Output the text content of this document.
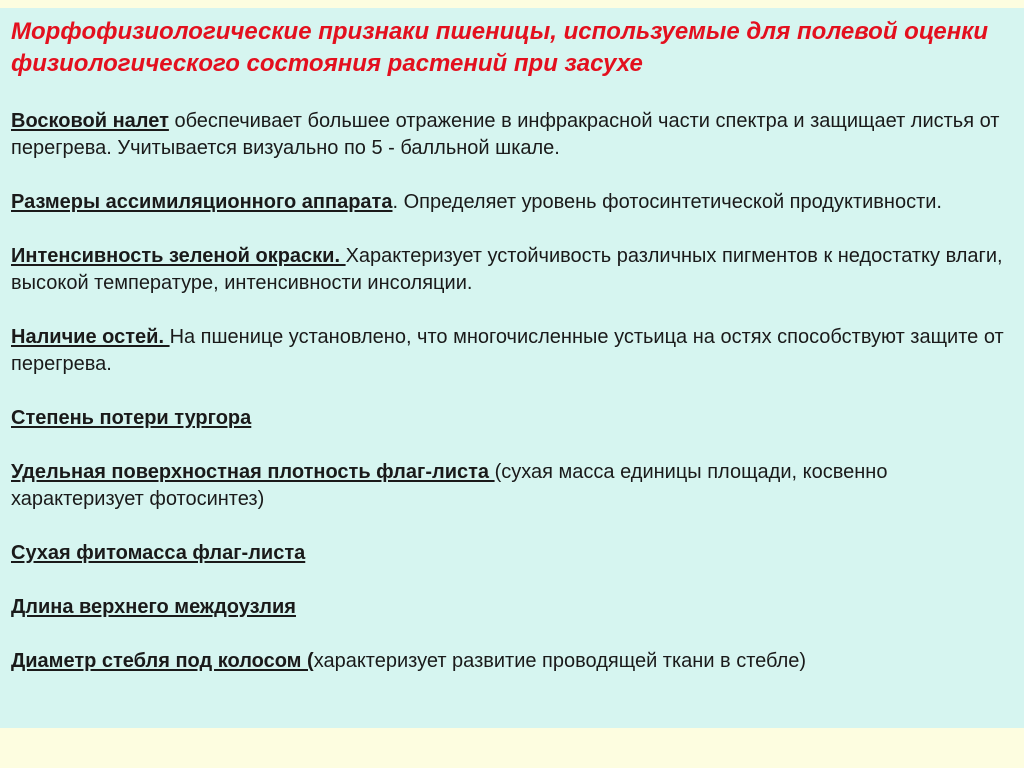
Морфофизиологические признаки пшеницы, используемые для полевой оценки физиологического состояния растений при засухе

Восковой налет обеспечивает большее отражение в инфракрасной части спектра и защищает листья от перегрева. Учитывается визуально по 5 - балльной шкале.

Размеры ассимиляционного аппарата. Определяет уровень фотосинтетической продуктивности.

Интенсивность зеленой окраски. Характеризует устойчивость различных пигментов к недостатку влаги, высокой температуре, интенсивности инсоляции.

Наличие остей. На пшенице установлено, что многочисленные устьица на остях способствуют защите от перегрева.

Степень потери тургора

Удельная поверхностная плотность флаг-листа (сухая масса единицы площади, косвенно характеризует фотосинтез)

Сухая фитомасса флаг-листа

Длина верхнего междоузлия

Диаметр стебля под колосом (характеризует развитие проводящей ткани в стебле)
